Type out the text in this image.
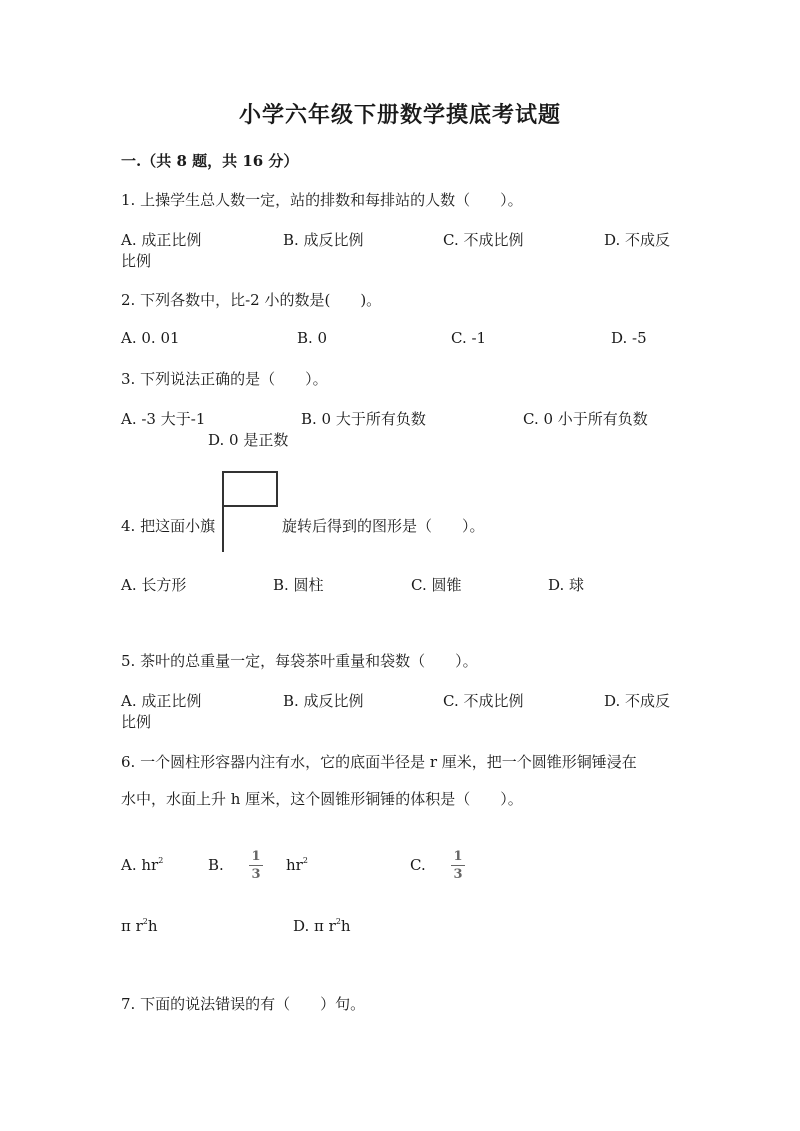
小学六年级下册数学摸底考试题
一.（共 8 题，共 16 分）
1. 上操学生总人数一定，站的排数和每排站的人数（　　）。
A. 成正比例	B. 成反比例	C. 不成比例	D. 不成反
比例
2. 下列各数中，比-2 小的数是(　　)。
A. 0. 01	B. 0	C. -1	D. -5
3. 下列说法正确的是（　　）。
A. -3 大于-1	B. 0 大于所有负数	C. 0 小于所有负数
D. 0 是正数
4. 把这面小旗	旋转后得到的图形是（　　）。
A. 长方形	B. 圆柱	C. 圆锥	D. 球
5. 茶叶的总重量一定，每袋茶叶重量和袋数（　　）。
A. 成正比例	B. 成反比例	C. 不成比例	D. 不成反
比例
6. 一个圆柱形容器内注有水，它的底面半径是 r 厘米，把一个圆锥形铜锤浸在
水中，水面上升 h 厘米，这个圆锥形铜锤的体积是（　　）。
A. $hr^2$	B. 1
3
$hr^2$	C. 1
3
π $r^2h$	D. π $r^2h$
7. 下面的说法错误的有（　　）句。
